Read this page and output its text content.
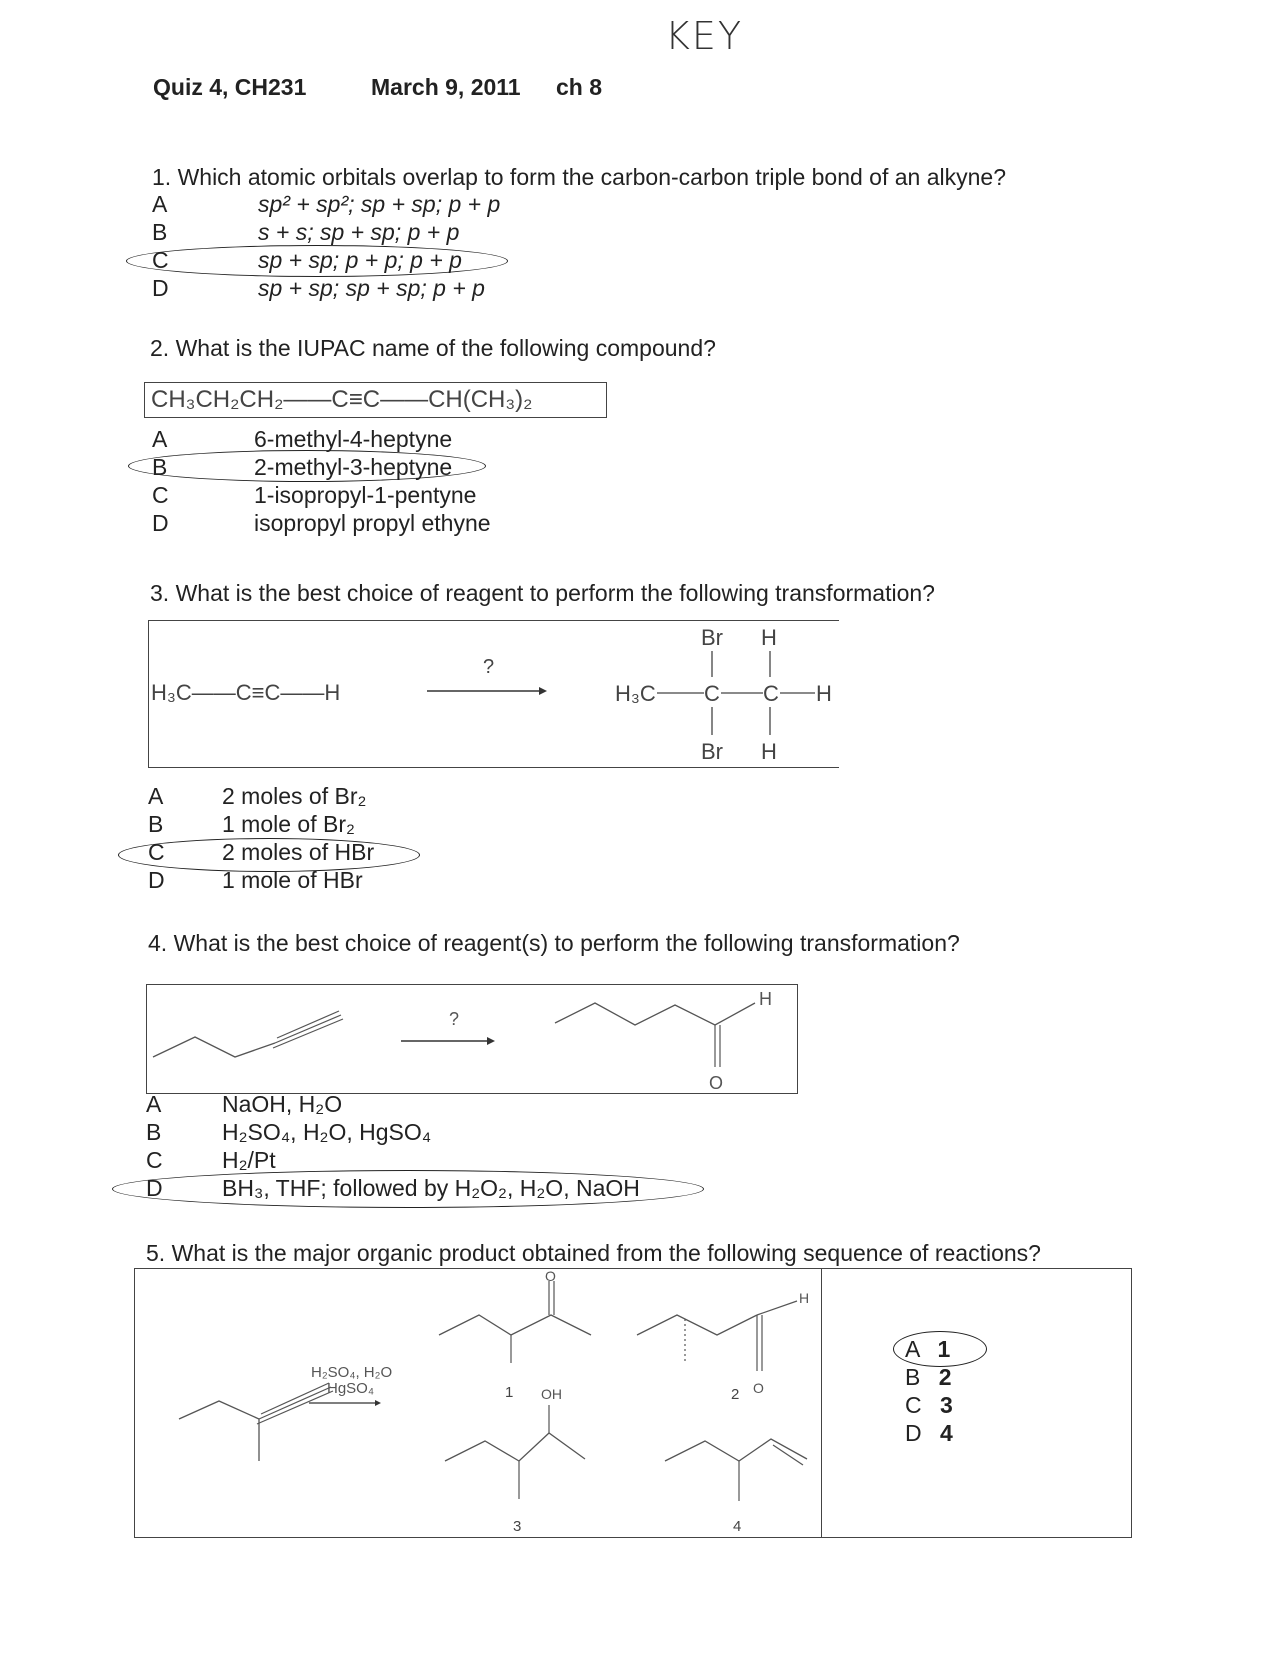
KEY
Quiz 4, CH231	March 9, 2011 ch 8
1. Which atomic orbitals overlap to form the carbon-carbon triple bond of an alkyne?
A	sp² + sp²; sp + sp; p + p
B	s + s; sp + sp; p + p
C	sp + sp; p + p; p + p
D	sp + sp; sp + sp; p + p
2. What is the IUPAC name of the following compound?
CH₃CH₂CH₂——C≡C——CH(CH₃)₂
A	6-methyl-4-heptyne
B	2-methyl-3-heptyne
C	1-isopropyl-1-pentyne
D	isopropyl propyl ethyne
3. What is the best choice of reagent to perform the following transformation?
H₃C——C≡C——H
?
H₃C C C H
Br H
Br H
A	2 moles of Br₂
B	1 mole of Br₂
C 2 moles of HBr
D 1 mole of HBr
4. What is the best choice of reagent(s) to perform the following transformation?
?
O
H
A	NaOH, H₂O
B	H₂SO₄, H₂O, HgSO₄
C	H₂/Pt
D	BH₃, THF; followed by H₂O₂, H₂O, NaOH
5. What is the major organic product obtained from the following sequence of reactions?
H₂SO₄, H₂O
HgSO₄
O
1
H
O
2
OH
3	4
A 1
B 2
C 3
D 4
